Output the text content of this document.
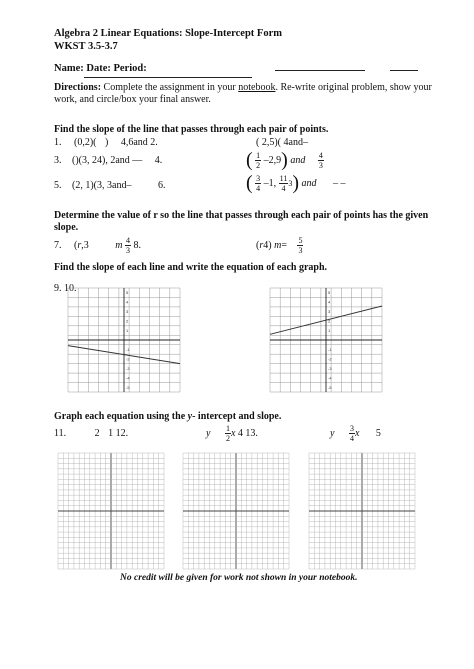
Algebra 2 Linear Equations: Slope-Intercept Form
WKST 3.5-3.7
Name: Date: Period:
Directions: Complete the assignment in your notebook. Re-write original problem, show your
work, and circle/box your final answer.
Find the slope of the line that passes through each pair of points.
1. (0,2)( ) 4,6and 2.
3. ()(3, 24), 2and — 4.
5. (2, 1)(3, 3and–	6.
( 2,5)( 4and–
( $\frac{1}{2} -2,9$) and $\frac{4}{3}$
( $\frac{3}{4} -1$, $\frac{11}{4} 3$) and – –
Determine the value of r so the line that passes through each pair of points has the given
slope.
7. (r,3	m $\frac{4}{3} 8$.	(r4) $m= \frac{5}{3}$
Find the slope of each line and write the equation of each graph.
9. 10.
-1
-2
-3
-4
-5
1
2
3
4
5
-1
-2
-3
-4
-5
1
2
3
4
5
Graph each equation using the y- intercept and slope.
11.	2 1 12.	y $\frac{1}{2}$ x 4 13.	y $\frac{3}{4}$ x 5
No credit will be given for work not shown in your notebook.
